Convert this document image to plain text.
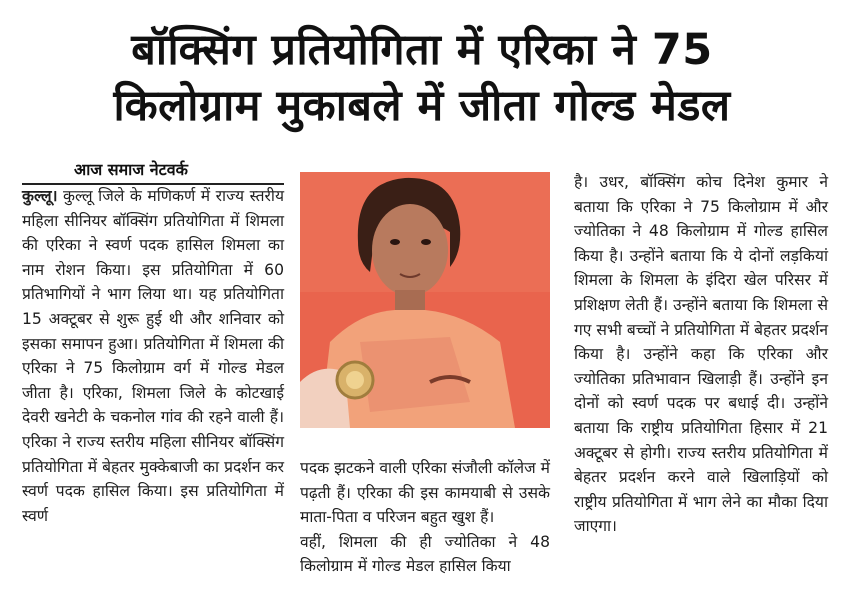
बॉक्सिंग प्रतियोगिता में एरिका ने 75
किलोग्राम मुकाबले में जीता गोल्ड मेडल
आज समाज नेटवर्क

कुल्लू। कुल्लू जिले के मणिकर्ण में राज्य स्तरीय महिला सीनियर बॉक्सिंग प्रतियोगिता में शिमला की एरिका ने स्वर्ण पदक हासिल शिमला का नाम रोशन किया। इस प्रतियोगिता में 60 प्रतिभागियों ने भाग लिया था। यह प्रतियोगिता 15 अक्टूबर से शुरू हुई थी और शनिवार को इसका समापन हुआ। प्रतियोगिता में शिमला की एरिका ने 75 किलोग्राम वर्ग में गोल्ड मेडल जीता है। एरिका, शिमला जिले के कोटखाई देवरी खनेटी के चकनोल गांव की रहने वाली हैं। एरिका ने राज्य स्तरीय महिला सीनियर बॉक्सिंग प्रतियोगिता में बेहतर मुक्केबाजी का प्रदर्शन कर स्वर्ण पदक हासिल किया। इस प्रतियोगिता में स्वर्ण

पदक झटकने वाली एरिका संजौली कॉलेज में पढ़ती हैं। एरिका की इस कामयाबी से उसके माता-पिता व परिजन बहुत खुश हैं।

वहीं, शिमला की ही ज्योतिका ने 48 किलोग्राम में गोल्ड मेडल हासिल किया

है। उधर, बॉक्सिंग कोच दिनेश कुमार ने बताया कि एरिका ने 75 किलोग्राम में और ज्योतिका ने 48 किलोग्राम में गोल्ड हासिल किया है। उन्होंने बताया कि ये दोनों लड़कियां शिमला के शिमला के इंदिरा खेल परिसर में प्रशिक्षण लेती हैं। उन्होंने बताया कि शिमला से गए सभी बच्चों ने प्रतियोगिता में बेहतर प्रदर्शन किया है। उन्होंने कहा कि एरिका और ज्योतिका प्रतिभावान खिलाड़ी हैं। उन्होंने इन दोनों को स्वर्ण पदक पर बधाई दी। उन्होंने बताया कि राष्ट्रीय प्रतियोगिता हिसार में 21 अक्टूबर से होगी। राज्य स्तरीय प्रतियोगिता में बेहतर प्रदर्शन करने वाले खिलाड़ियों को राष्ट्रीय प्रतियोगिता में भाग लेने का मौका दिया जाएगा।
